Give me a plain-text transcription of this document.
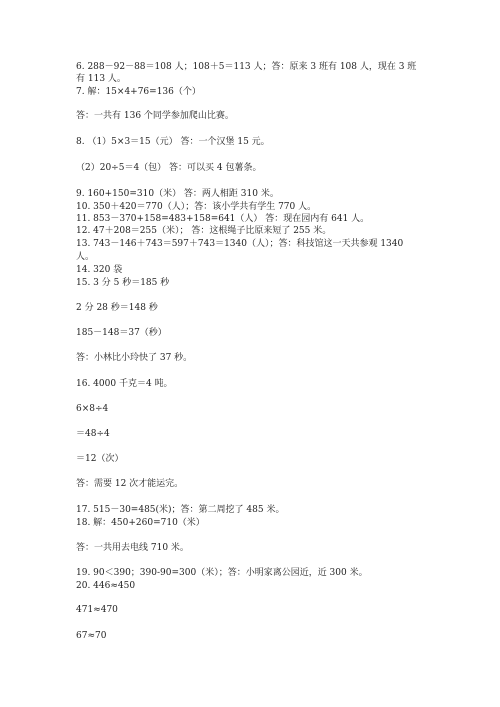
6. 288－92－88＝108 人；108＋5＝113 人；答：原来 3 班有 108 人，现在 3 班
有 113 人。
7. 解：15×4+76=136（个）
答：一共有 136 个同学参加爬山比赛。
8. （1）5×3＝15（元） 答：一个汉堡 15 元。
（2）20÷5＝4（包） 答：可以买 4 包薯条。
9. 160+150=310（米） 答：两人相距 310 米。
10. 350＋420＝770（人）；答：该小学共有学生 770 人。
11. 853－370+158=483+158=641（人） 答：现在园内有 641 人。
12. 47＋208＝255（米）； 答：这根绳子比原来短了 255 米。
13. 743－146＋743＝597＋743＝1340（人）；答：科技馆这一天共参观 1340
人。
14. 320 袋
15. 3 分 5 秒＝185 秒
2 分 28 秒＝148 秒
185－148＝37（秒）
答：小林比小玲快了 37 秒。
16. 4000 千克＝4 吨。
6×8÷4
＝48÷4
＝12（次）
答：需要 12 次才能运完。
17. 515－30=485(米)；答：第二周挖了 485 米。
18. 解：450+260=710（米）
答：一共用去电线 710 米。
19. 90＜390；390-90=300（米）；答：小明家离公园近，近 300 米。
20. 446≈450
471≈470
67≈70
